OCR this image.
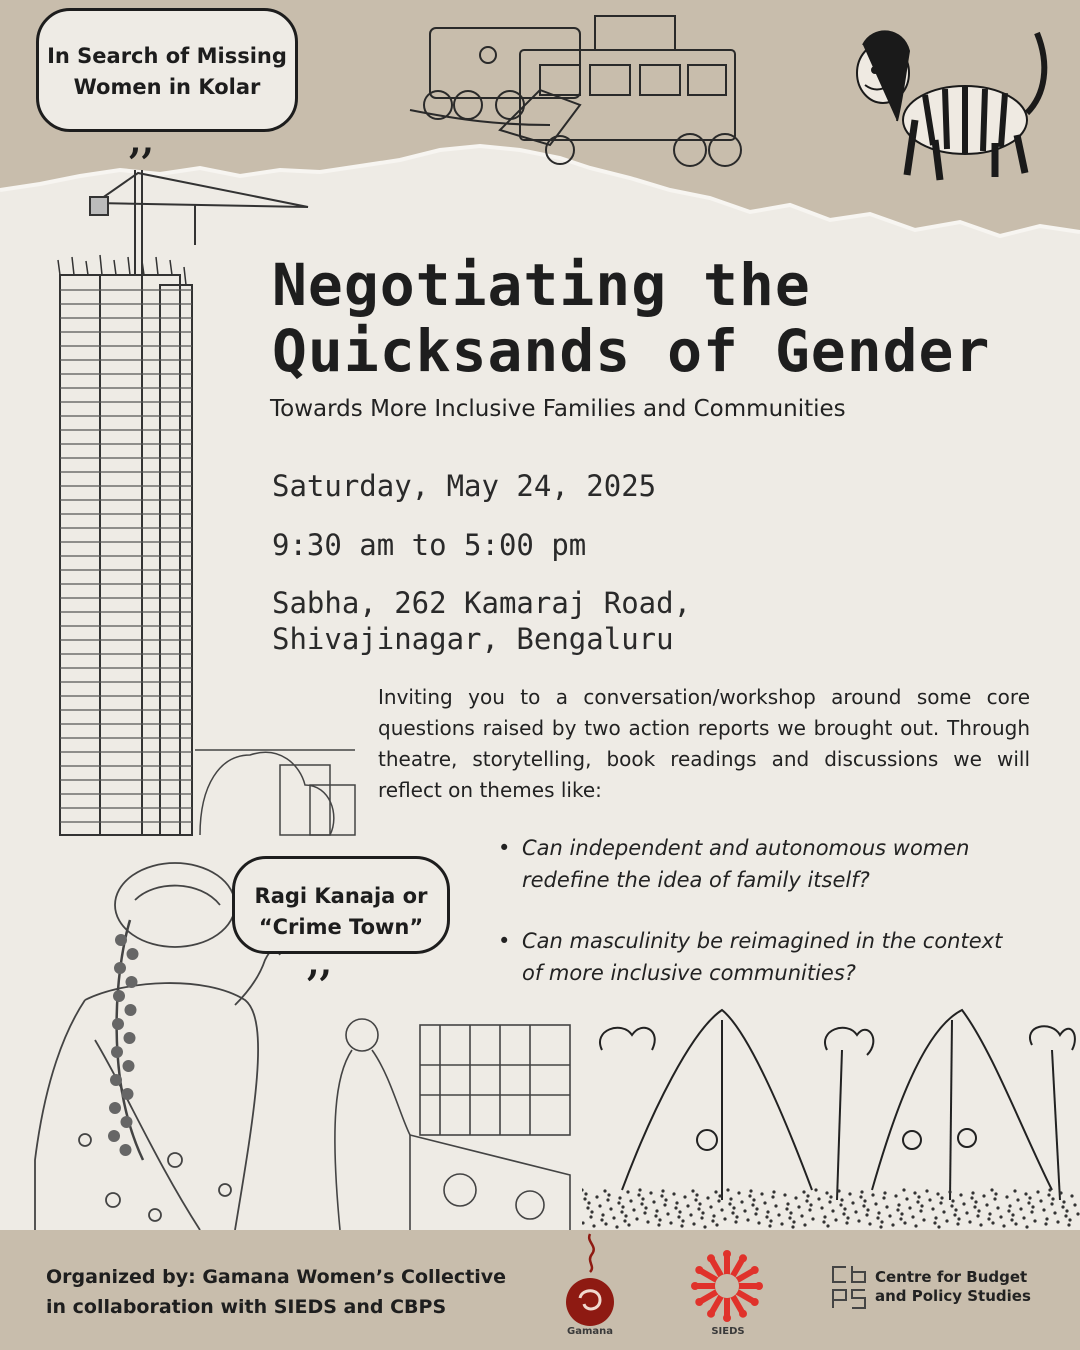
In Search of Missing
Women in Kolar
,,
Negotiating the
Quicksands of Gender
Towards More Inclusive Families and Communities
Saturday, May 24, 2025
9:30 am to 5:00 pm
Sabha, 262 Kamaraj Road,
Shivajinagar, Bengaluru
Inviting you to a conversation/workshop around some core questions raised by two action reports we brought out. Through theatre, storytelling, book readings and discussions we will reflect on themes like:
• Can independent and autonomous women redefine the idea of family itself?
• Can masculinity be reimagined in the context of more inclusive communities?
Ragi Kanaja or
“Crime Town”
,,
Organized by: Gamana Women’s Collective
in collaboration with SIEDS and CBPS
Gamana	SIEDS
Centre for Budget
and Policy Studies
